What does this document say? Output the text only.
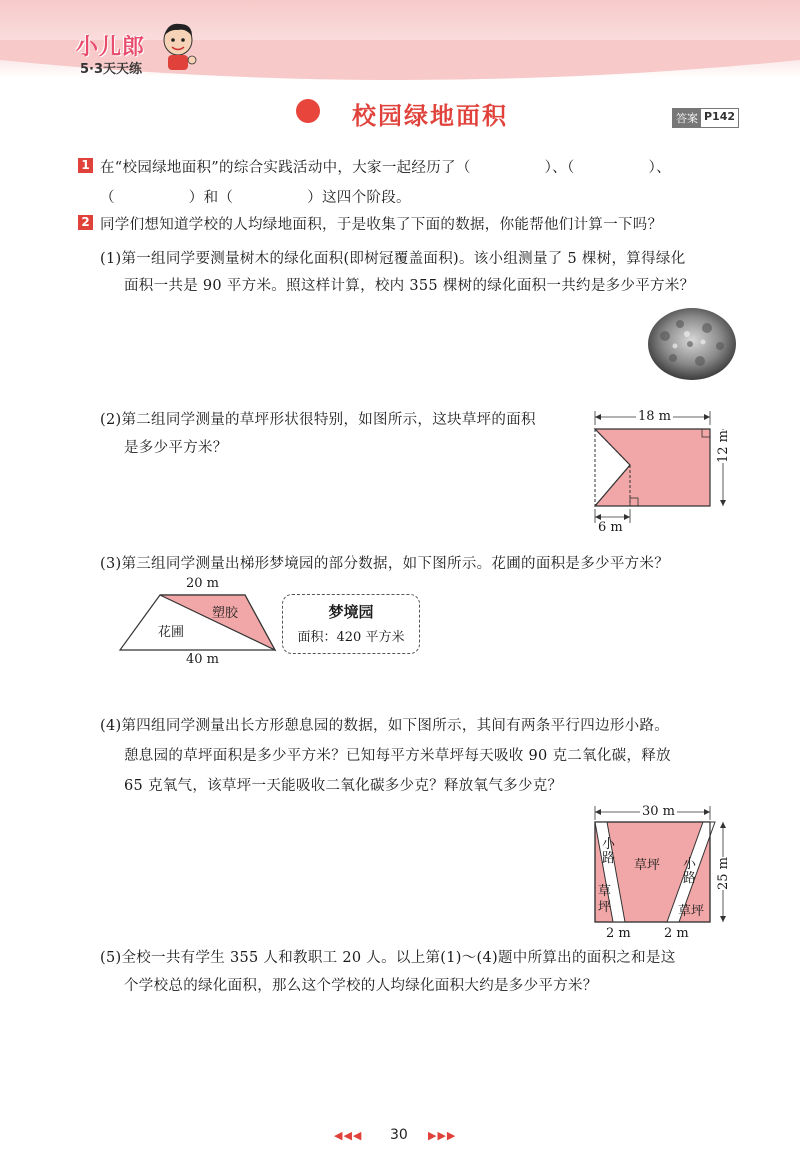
小儿郎
5·3天天练
校园绿地面积	答案 P142
1 在“校园绿地面积”的综合实践活动中，大家一起经历了（　　　　　）、（　　　　　）、
（　　　　　）和（　　　　　）这四个阶段。
2 同学们想知道学校的人均绿地面积，于是收集了下面的数据，你能帮他们计算一下吗？
(1)第一组同学要测量树木的绿化面积(即树冠覆盖面积)。该小组测量了 5 棵树，算得绿化
面积一共是 90 平方米。照这样计算，校内 355 棵树的绿化面积一共约是多少平方米？
(2)第二组同学测量的草坪形状很特别，如图所示，这块草坪的面积
是多少平方米？
18 m
12 m
6 m
(3)第三组同学测量出梯形梦境园的部分数据，如下图所示。花圃的面积是多少平方米？
20 m
40 m
塑胶
花圃
梦境园
面积：420 平方米
(4)第四组同学测量出长方形憩息园的数据，如下图所示，其间有两条平行四边形小路。
憩息园的草坪面积是多少平方米？已知每平方米草坪每天吸收 90 克二氧化碳，释放
65 克氧气，该草坪一天能吸收二氧化碳多少克？释放氧气多少克？
30 m
25 m
草坪
小路	小路
草坪	草坪
2 m	2 m
(5)全校一共有学生 355 人和教职工 20 人。以上第(1)～(4)题中所算出的面积之和是这
个学校总的绿化面积，那么这个学校的人均绿化面积大约是多少平方米？
◀◀◀ 30 ▶▶▶
